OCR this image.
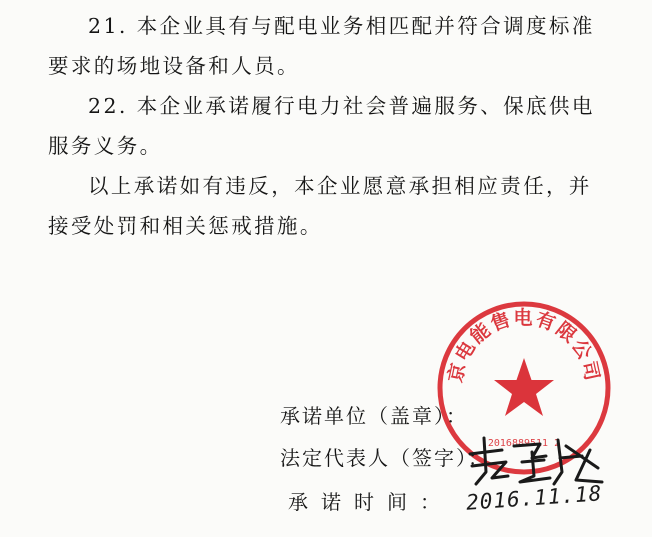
21. 本企业具有与配电业务相匹配并符合调度标准要求的场地设备和人员。

22. 本企业承诺履行电力社会普遍服务、保底供电服务义务。

以上承诺如有违反，本企业愿意承担相应责任，并接受处罚和相关惩戒措施。

京电能售电有限公司
2016889511 2
承诺单位（盖章）：
法定代表人（签字）：
承诺时间： 2016.11.18
